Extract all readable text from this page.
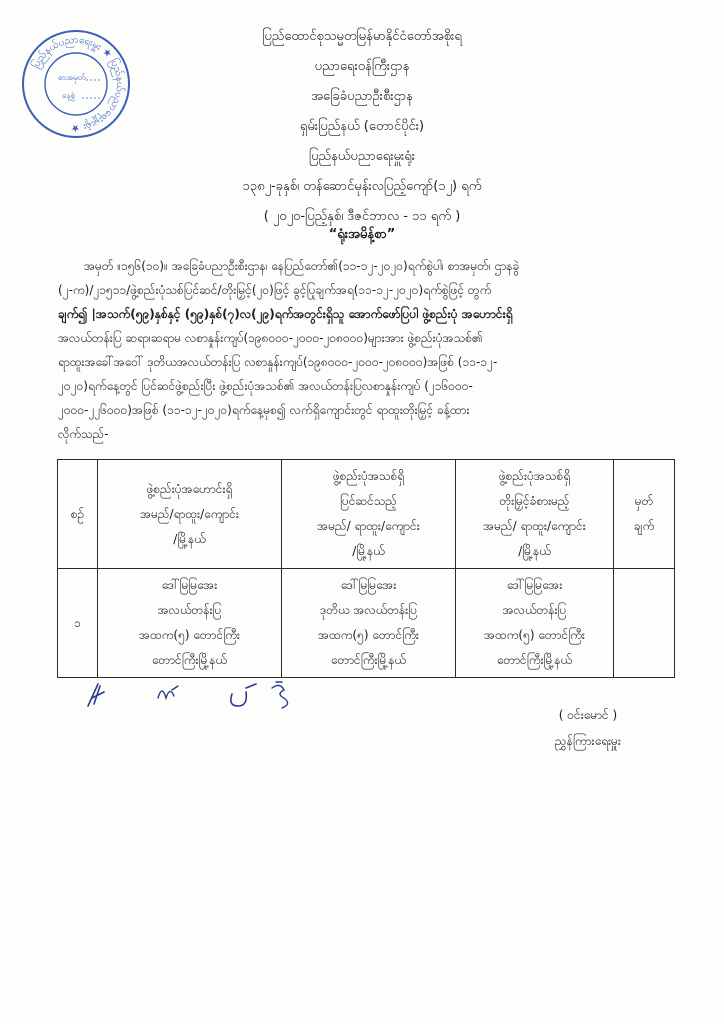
ပြည်နယ်ပညာရေးမှူး ★ ပြည်နယ်ပညာရေးမှူးရုံး ★
စာအမှတ်
နေ့စွဲ
ပြည်ထောင်စုသမ္မတမြန်မာနိုင်ငံတော်အစိုးရ
ပညာရေးဝန်ကြီးဌာန
အခြေခံပညာဦးစီးဌာန
ရှမ်းပြည်နယ် (တောင်ပိုင်း)
ပြည်နယ်ပညာရေးမှူးရုံး
၁၃၈၂-ခုနှစ်၊ တန်ဆောင်မုန်းလပြည့်ကျော်(၁၂) ရက်
( ၂၀၂၀-ပြည့်နှစ်၊ ဒီဇင်ဘာလ - ၁၁ ရက် )
“ရုံးအမိန့်စာ”
အမှတ် ။၁၅၆(၁၀)။ အခြေခံပညာဦးစီးဌာန၊ နေပြည်တော်၏(၁၁-၁၂-၂၀၂၀)ရက်စွဲပါ၊ စာအမှတ်၊ ဌာနခွဲ
(၂-က)/၂၁၅၁၁/ဖွဲ့စည်းပုံသစ်ပြင်ဆင်/တိုးမြှင့်(၂၀)ဖြင့် ခွင့်ပြုချက်အရ(၁၁-၁၂-၂၀၂၀)ရက်စွဲဖြင့် တွက်
ချက်၍ |အသက်(၅၉)နှစ်နှင့် (၅၉)နှစ်(၇)လ(၂၉)ရက်အတွင်းရှိသူ အောက်ဖော်ပြပါ ဖွဲ့စည်းပုံ အဟောင်းရှိ
အလယ်တန်းပြ ဆရာ၊ဆရာမ လစာနှုန်းကျပ်(၁၉၈၀၀၀-၂၀၀၀-၂၀၈၀၀၀)များအား ဖွဲ့စည်းပုံအသစ်၏
ရာထူးအခေါ်အဝေါ် ဒုတိယအလယ်တန်းပြ လစာနှုန်းကျပ်(၁၉၈၀၀၀-၂၀၀၀-၂၀၈၀၀၀)အဖြစ် (၁၁-၁၂-
၂၀၂၀)ရက်နေ့တွင် ပြင်ဆင်ဖွဲ့စည်းပြီး ဖွဲ့စည်းပုံအသစ်၏ အလယ်တန်းပြလစာနှုန်းကျပ် (၂၁၆၀၀၀-
၂၀၀၀-၂၂၆၀၀၀)အဖြစ် (၁၁-၁၂-၂၀၂၀)ရက်နေ့မှစ၍ လက်ရှိကျောင်းတွင် ရာထူးတိုးမြှင့် ခန့်ထား
လိုက်သည်-
စဉ်	ဖွဲ့စည်းပုံအဟောင်းရှိ
အမည်/ရာထူး/ကျောင်း
/မြို့နယ်	ဖွဲ့စည်းပုံအသစ်ရှိ
ပြင်ဆင်သည့်
အမည်/ ရာထူး/ကျောင်း
/မြို့နယ်	ဖွဲ့စည်းပုံအသစ်ရှိ
တိုးမြှင့်ခံစားမည့်
အမည်/ ရာထူး/ကျောင်း
/မြို့နယ်	မှတ်
ချက်

၁	ဒေါ်မြမြအေး
အလယ်တန်းပြ
အထက(၅) တောင်ကြီး
တောင်ကြီးမြို့နယ်	ဒေါ်မြမြအေး
ဒုတိယ အလယ်တန်းပြ
အထက(၅) တောင်ကြီး
တောင်ကြီးမြို့နယ်	ဒေါ်မြမြအေး
အလယ်တန်းပြ
အထက(၅) တောင်ကြီး
တောင်ကြီးမြို့နယ်	

( ဝင်းမောင် )
ညွှန်ကြားရေးမှူး
